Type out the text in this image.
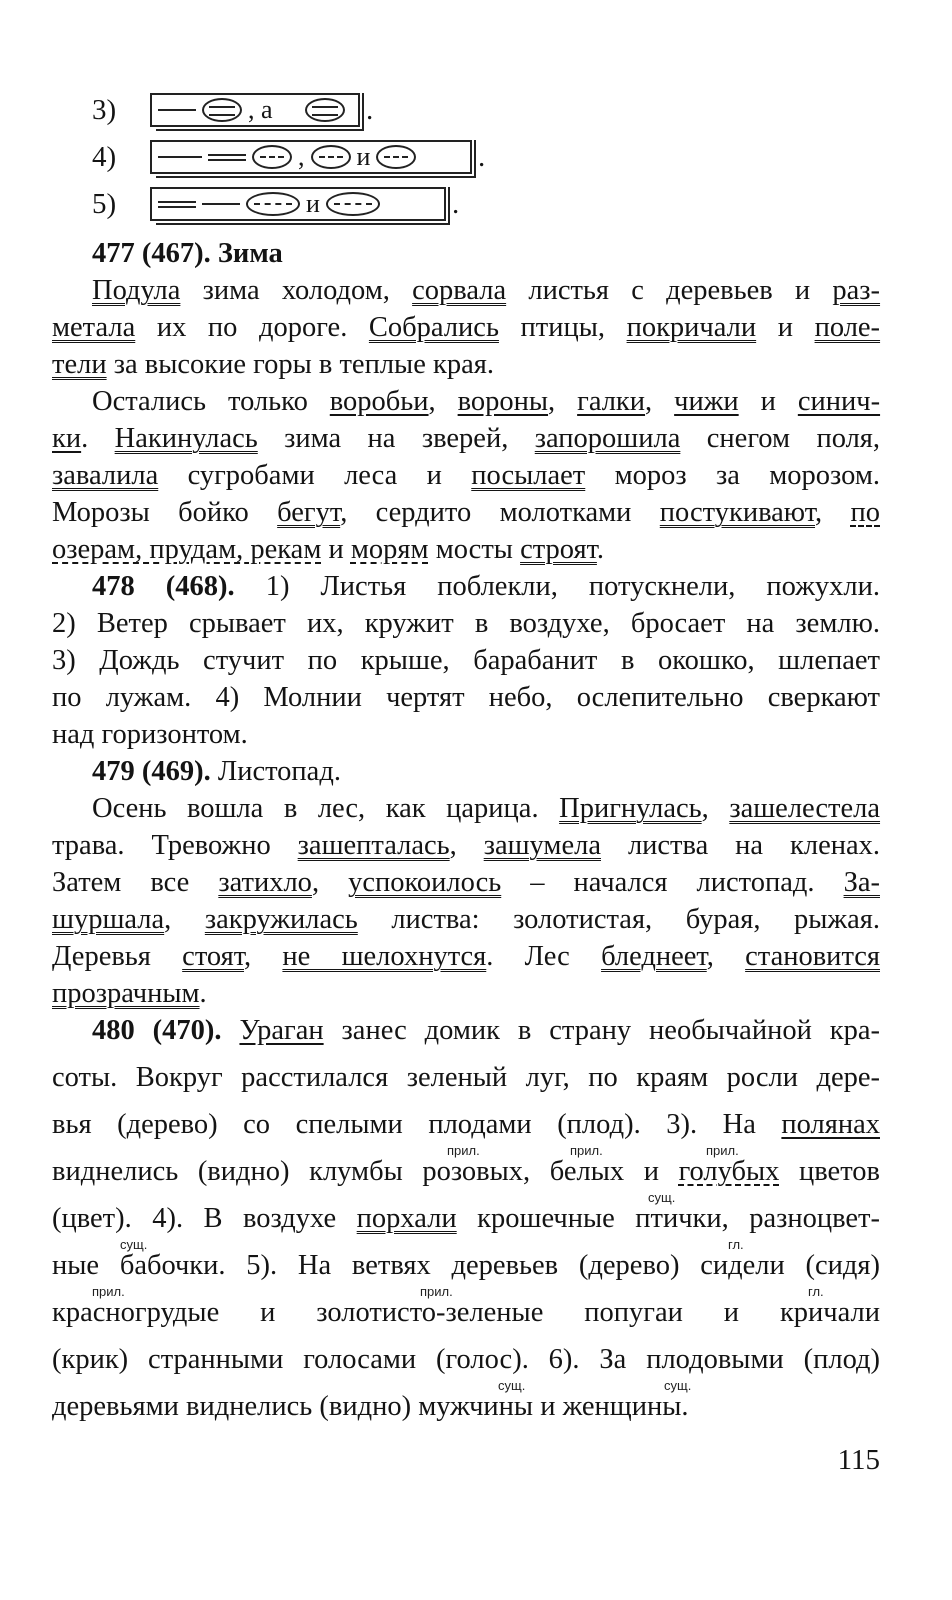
3)	, а	.
4)	, и	.
5)	и	.
477 (467). Зима
Подула зима холодом, сорвала листья с деревьев и раз-
метала их по дороге. Собрались птицы, покричали и поле-
тели за высокие горы в теплые края.
Остались только воробьи, вороны, галки, чижи и синич-
ки. Накинулась зима на зверей, запорошила снегом поля,
завалила сугробами леса и посылает мороз за морозом.
Морозы бойко бегут, сердито молотками постукивают, по
озерам, прудам, рекам и морям мосты строят.
478 (468). 1) Листья поблекли, потускнели, пожухли.
2) Ветер срывает их, кружит в воздухе, бросает на землю.
3) Дождь стучит по крыше, барабанит в окошко, шлепает
по лужам. 4) Молнии чертят небо, ослепительно сверкают
над горизонтом.
479 (469). Листопад.
Осень вошла в лес, как царица. Пригнулась, зашелестела
трава. Тревожно зашепталась, зашумела листва на кленах.
Затем все затихло, успокоилось – начался листопад. За-
шуршала, закружилась листва: золотистая, бурая, рыжая.
Деревья стоят, не шелохнутся. Лес бледнеет, становится
прозрачным.
480 (470). Ураган занес домик в страну необычайной кра-
соты. Вокруг расстилался зеленый луг, по краям росли дере-
вья (дерево) со спелыми плодами (плод). 3). На полянах
виднелись (видно) клумбы розовых, белых и голубых цветов
(цвет). 4). В воздухе порхали крошечные птички, разноцвет-
ные бабочки. 5). На ветвях деревьев (дерево) сидели (сидя)
красногрудые и золотисто-зеленые попугаи и кричали
(крик) странными голосами (голос). 6). За плодовыми (плод)
деревьями виднелись (видно) мужчины и женщины.
прил.	прил.	прил.
сущ.
сущ.	гл.
прил.	прил.	гл.
сущ.	сущ.
115
